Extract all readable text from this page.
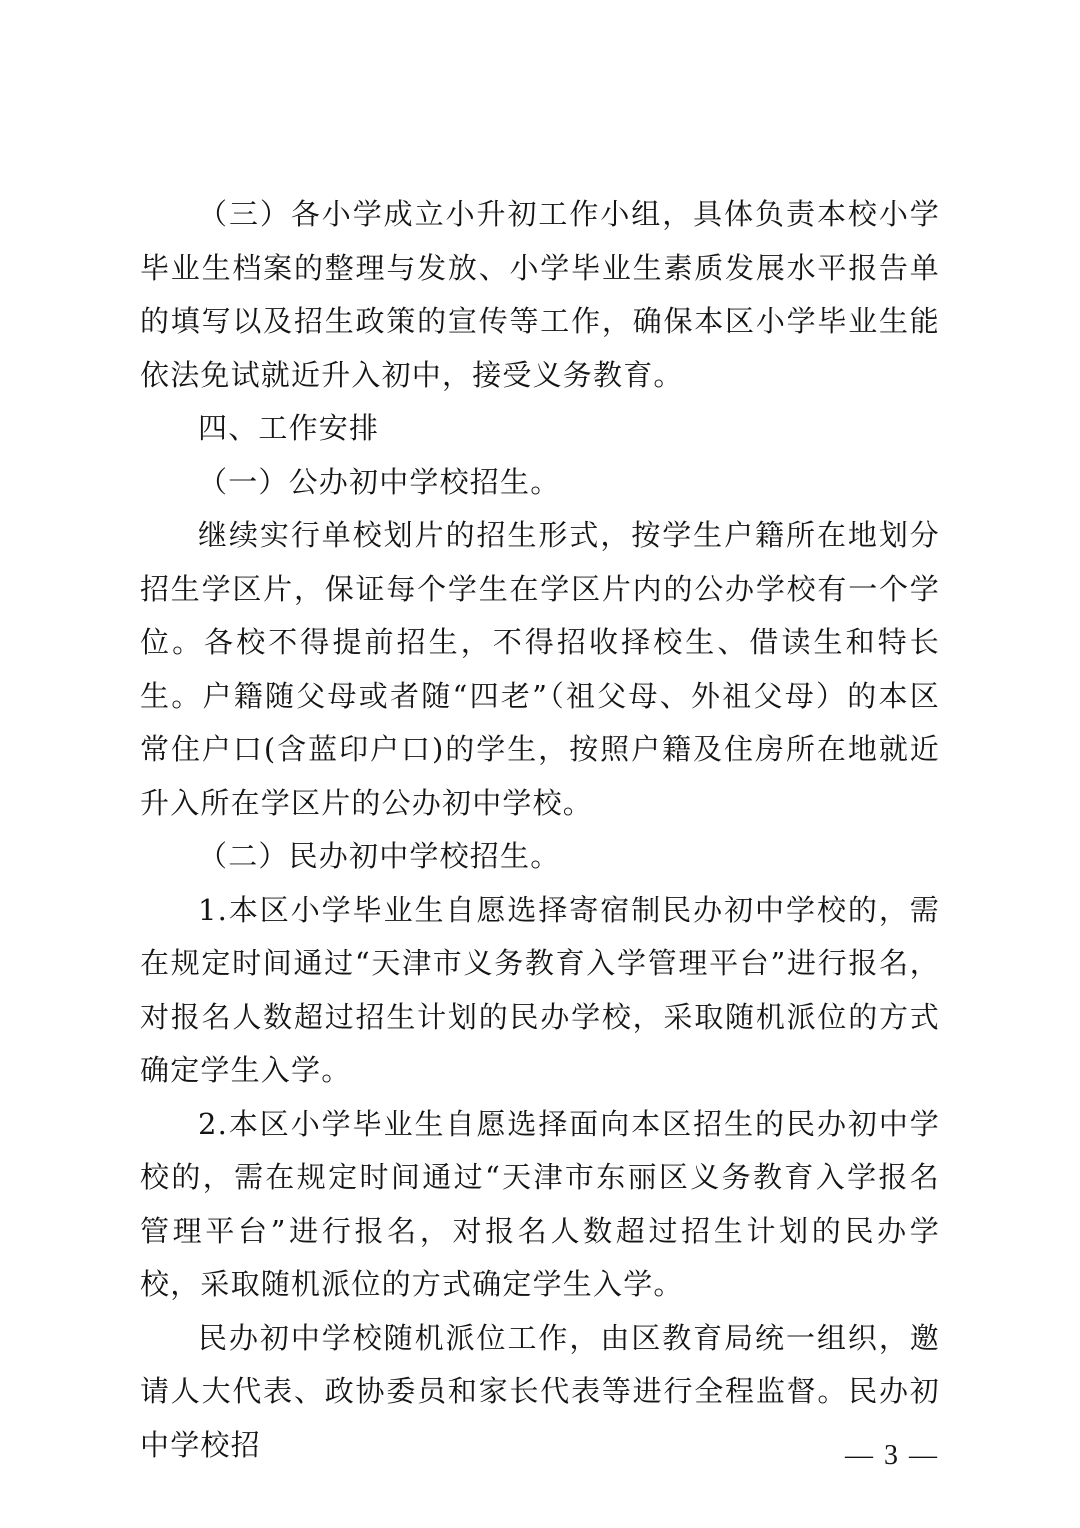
（三）各小学成立小升初工作小组，具体负责本校小学毕业生档案的整理与发放、小学毕业生素质发展水平报告单的填写以及招生政策的宣传等工作，确保本区小学毕业生能依法免试就近升入初中，接受义务教育。

四、工作安排

（一）公办初中学校招生。

继续实行单校划片的招生形式，按学生户籍所在地划分招生学区片，保证每个学生在学区片内的公办学校有一个学位。各校不得提前招生，不得招收择校生、借读生和特长生。户籍随父母或者随“四老”（祖父母、外祖父母）的本区常住户口(含蓝印户口)的学生，按照户籍及住房所在地就近升入所在学区片的公办初中学校。

（二）民办初中学校招生。

1.本区小学毕业生自愿选择寄宿制民办初中学校的，需在规定时间通过“天津市义务教育入学管理平台”进行报名，对报名人数超过招生计划的民办学校，采取随机派位的方式确定学生入学。

2.本区小学毕业生自愿选择面向本区招生的民办初中学校的，需在规定时间通过“天津市东丽区义务教育入学报名管理平台”进行报名，对报名人数超过招生计划的民办学校，采取随机派位的方式确定学生入学。

民办初中学校随机派位工作，由区教育局统一组织，邀请人大代表、政协委员和家长代表等进行全程监督。民办初中学校招	— 3 —
